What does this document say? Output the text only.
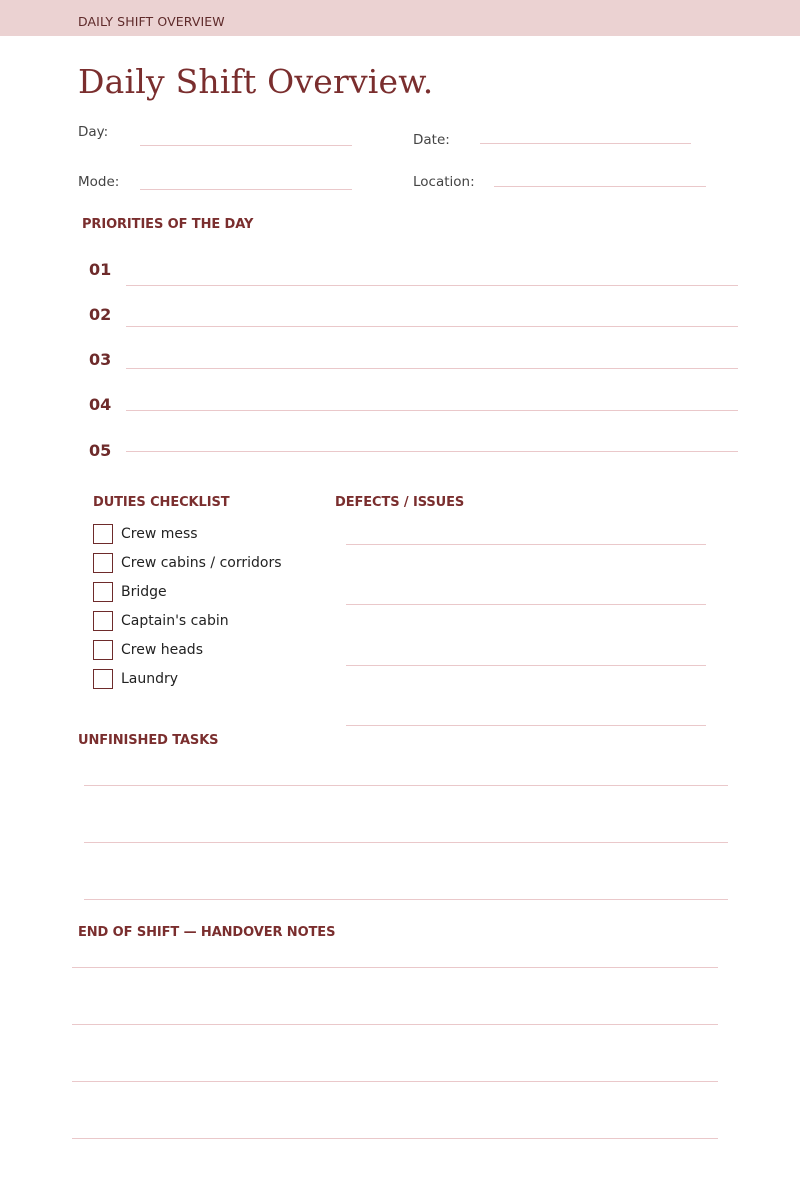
DAILY SHIFT OVERVIEW
Daily Shift Overview.
Day:	Date:
Mode:	Location:
PRIORITIES OF THE DAY
01
02
03
04
05
DUTIES CHECKLIST
Crew mess
Crew cabins / corridors
Bridge
Captain's cabin
Crew heads
Laundry
DEFECTS / ISSUES
UNFINISHED TASKS
END OF SHIFT — HANDOVER NOTES
